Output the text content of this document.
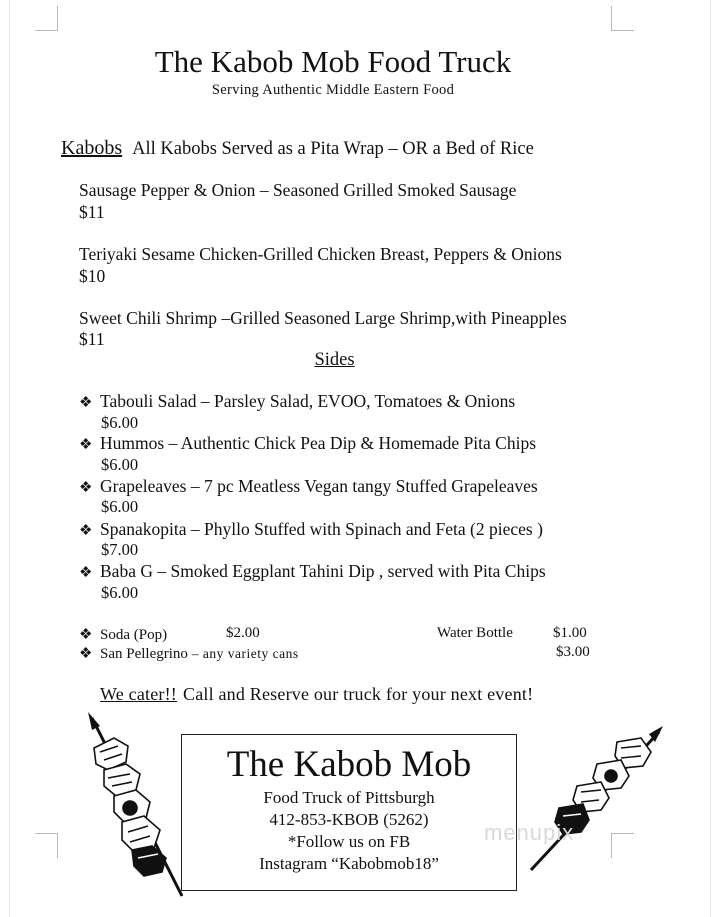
The Kabob Mob Food Truck
Serving Authentic Middle Eastern Food
Kabobs All Kabobs Served as a Pita Wrap – OR a Bed of Rice
Sausage Pepper & Onion – Seasoned Grilled Smoked Sausage
$11
Teriyaki Sesame Chicken-Grilled Chicken Breast, Peppers & Onions
$10
Sweet Chili Shrimp –Grilled Seasoned Large Shrimp,with Pineapples
$11
Sides
❖ Tabouli Salad – Parsley Salad, EVOO, Tomatoes & Onions
$6.00
❖ Hummos – Authentic Chick Pea Dip & Homemade Pita Chips
$6.00
❖ Grapeleaves – 7 pc Meatless Vegan tangy Stuffed Grapeleaves
$6.00
❖ Spanakopita – Phyllo Stuffed with Spinach and Feta (2 pieces )
$7.00
❖ Baba G – Smoked Eggplant Tahini Dip , served with Pita Chips
$6.00
❖ Soda (Pop)	$2.00	Water Bottle	$1.00
❖ San Pellegrino – any variety cans	$3.00
We cater!! Call and Reserve our truck for your next event!
The Kabob Mob
Food Truck of Pittsburgh
412-853-KBOB (5262)
*Follow us on FB
Instagram “Kabobmob18”
menupix
